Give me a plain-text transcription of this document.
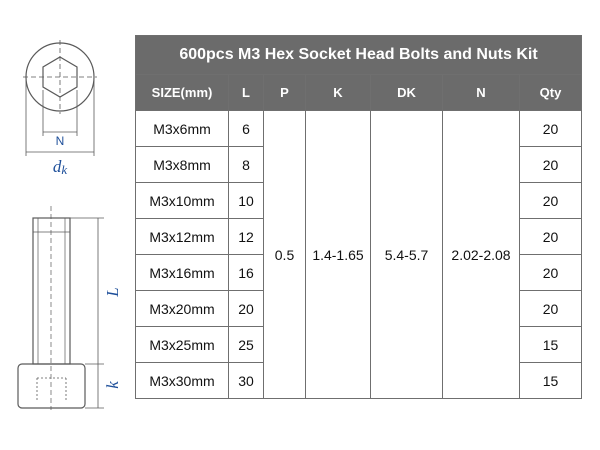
N
dk
L
k
600pcs M3 Hex Socket Head Bolts and Nuts Kit						
SIZE(mm)	L	P	K	DK	N	Qty
M3x6mm	6	0.5	1.4-1.65	5.4-5.7	2.02-2.08	20
M3x8mm	8					20
M3x10mm	10					20
M3x12mm	12					20
M3x16mm	16					20
M3x20mm	20					20
M3x25mm	25					15
M3x30mm	30					15
